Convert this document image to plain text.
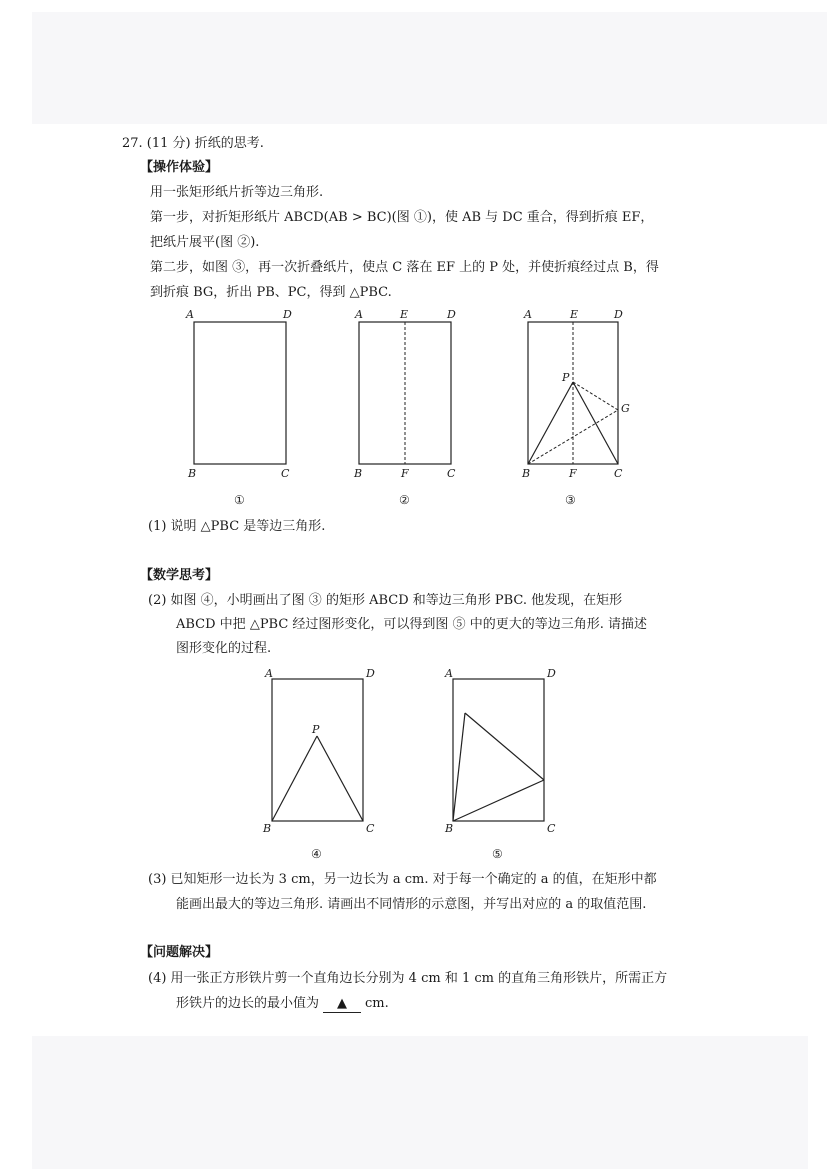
27. (11 分) 折纸的思考.
【操作体验】
用一张矩形纸片折等边三角形.
第一步，对折矩形纸片 ABCD(AB > BC)(图 ①)，使 AB 与 DC 重合，得到折痕 EF，
把纸片展平(图 ②).
第二步，如图 ③，再一次折叠纸片，使点 C 落在 EF 上的 P 处，并使折痕经过点 B，得
到折痕 BG，折出 PB、PC，得到 △PBC.
A	D
B	C
①
A	E	D
B	F	C
②
A	E	D
P
G
B	F	C
③
A	D
P
B	C
④
A	D
B	C
⑤
(1) 说明 △PBC 是等边三角形.
【数学思考】
(2) 如图 ④，小明画出了图 ③ 的矩形 ABCD 和等边三角形 PBC. 他发现，在矩形
ABCD 中把 △PBC 经过图形变化，可以得到图 ⑤ 中的更大的等边三角形. 请描述
图形变化的过程.
(3) 已知矩形一边长为 3 cm，另一边长为 a cm. 对于每一个确定的 a 的值，在矩形中都
能画出最大的等边三角形. 请画出不同情形的示意图，并写出对应的 a 的取值范围.
【问题解决】
(4) 用一张正方形铁片剪一个直角边长分别为 4 cm 和 1 cm 的直角三角形铁片，所需正方
形铁片的边长的最小值为 ▲ cm.
